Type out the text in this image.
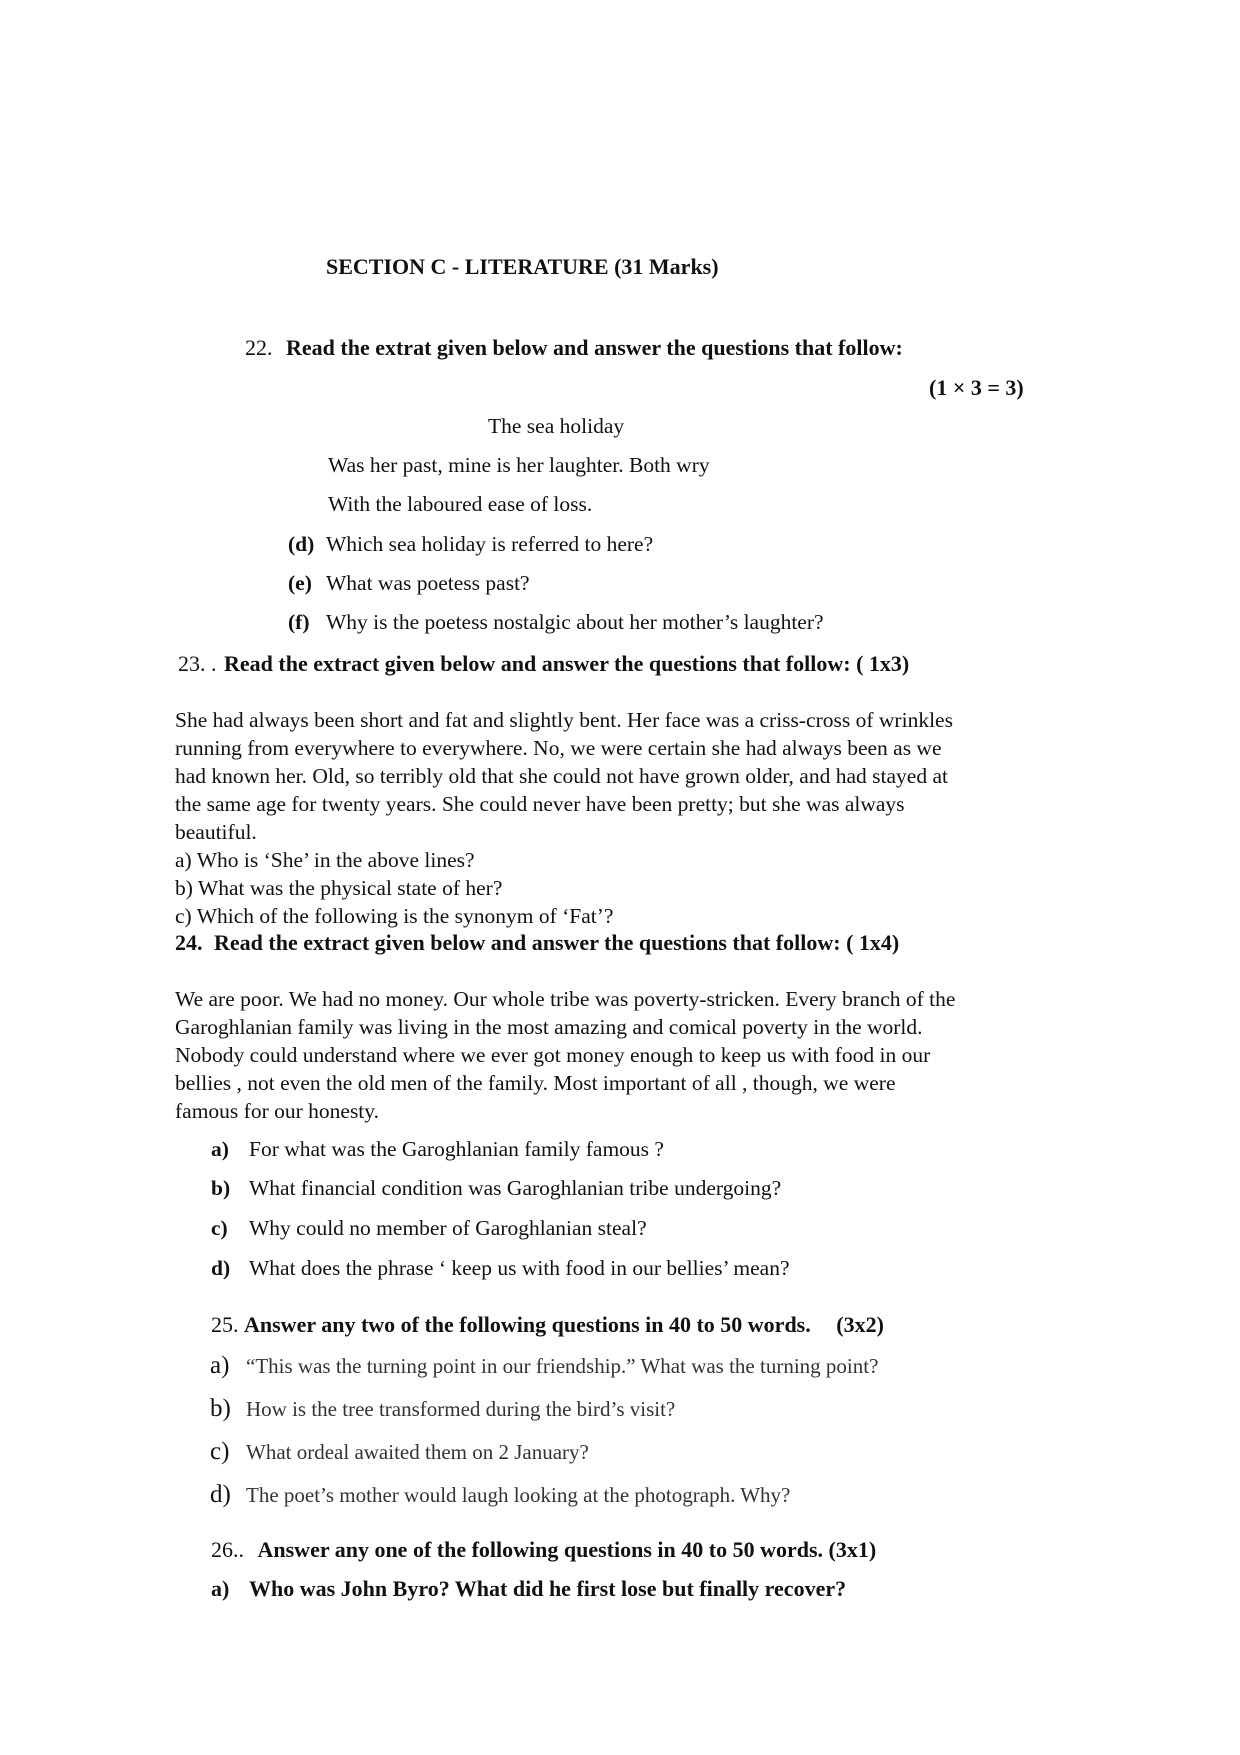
SECTION C - LITERATURE (31 Marks)
22. Read the extrat given below and answer the questions that follow:
(1 × 3 = 3)
The sea holiday
Was her past, mine is her laughter. Both wry
With the laboured ease of loss.
(d) Which sea holiday is referred to here?
(e) What was poetess past?
(f) Why is the poetess nostalgic about her mother’s laughter?
23. . Read the extract given below and answer the questions that follow: ( 1x3)
She had always been short and fat and slightly bent. Her face was a criss-cross of wrinkles
running from everywhere to everywhere. No, we were certain she had always been as we
had known her. Old, so terribly old that she could not have grown older, and had stayed at
the same age for twenty years. She could never have been pretty; but she was always
beautiful.
a) Who is ‘She’ in the above lines?
b) What was the physical state of her?
c) Which of the following is the synonym of ‘Fat’?
24. Read the extract given below and answer the questions that follow: ( 1x4)
We are poor. We had no money. Our whole tribe was poverty-stricken. Every branch of the
Garoghlanian family was living in the most amazing and comical poverty in the world.
Nobody could understand where we ever got money enough to keep us with food in our
bellies , not even the old men of the family. Most important of all , though, we were
famous for our honesty.
a) For what was the Garoghlanian family famous ?
b) What financial condition was Garoghlanian tribe undergoing?
c) Why could no member of Garoghlanian steal?
d) What does the phrase ‘ keep us with food in our bellies’ mean?
25. Answer any two of the following questions in 40 to 50 words. (3x2)
a) “This was the turning point in our friendship.” What was the turning point?
b) How is the tree transformed during the bird’s visit?
c) What ordeal awaited them on 2 January?
d) The poet’s mother would laugh looking at the photograph. Why?
26.. Answer any one of the following questions in 40 to 50 words. (3x1)
a) Who was John Byro? What did he first lose but finally recover?
